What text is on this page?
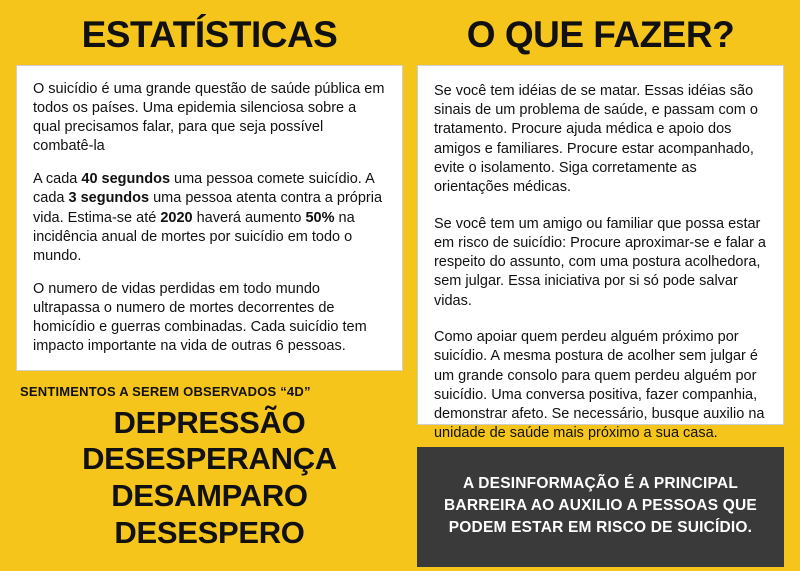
ESTATÍSTICAS

O suicídio é uma grande questão de saúde pública em todos os países. Uma epidemia silenciosa sobre a qual precisamos falar, para que seja possível combatê-la

A cada 40 segundos uma pessoa comete suicídio. A cada 3 segundos uma pessoa atenta contra a própria vida. Estima-se até 2020 haverá aumento 50% na incidência anual de mortes por suicídio em todo o mundo.

O numero de vidas perdidas em todo mundo ultrapassa o numero de mortes decorrentes de homicídio e guerras combinadas. Cada suicídio tem impacto importante na vida de outras 6 pessoas.

SENTIMENTOS A SEREM OBSERVADOS “4D”
DEPRESSÃO
DESESPERANÇA
DESAMPARO
DESESPERO
O QUE FAZER?

Se você tem idéias de se matar. Essas idéias são sinais de um problema de saúde, e passam com o tratamento. Procure ajuda médica e apoio dos amigos e familiares. Procure estar acompanhado, evite o isolamento. Siga corretamente as orientações médicas.

Se você tem um amigo ou familiar que possa estar em risco de suicídio: Procure aproximar-se e falar a respeito do assunto, com uma postura acolhedora, sem julgar. Essa iniciativa por si só pode salvar vidas.

Como apoiar quem perdeu alguém próximo por suicídio. A mesma postura de acolher sem julgar é um grande consolo para quem perdeu alguém por suicídio. Uma conversa positiva, fazer companhia, demonstrar afeto. Se necessário, busque auxilio na unidade de saúde mais próximo a sua casa.

A DESINFORMAÇÃO É A PRINCIPAL BARREIRA AO AUXILIO A PESSOAS QUE PODEM ESTAR EM RISCO DE SUICÍDIO.
